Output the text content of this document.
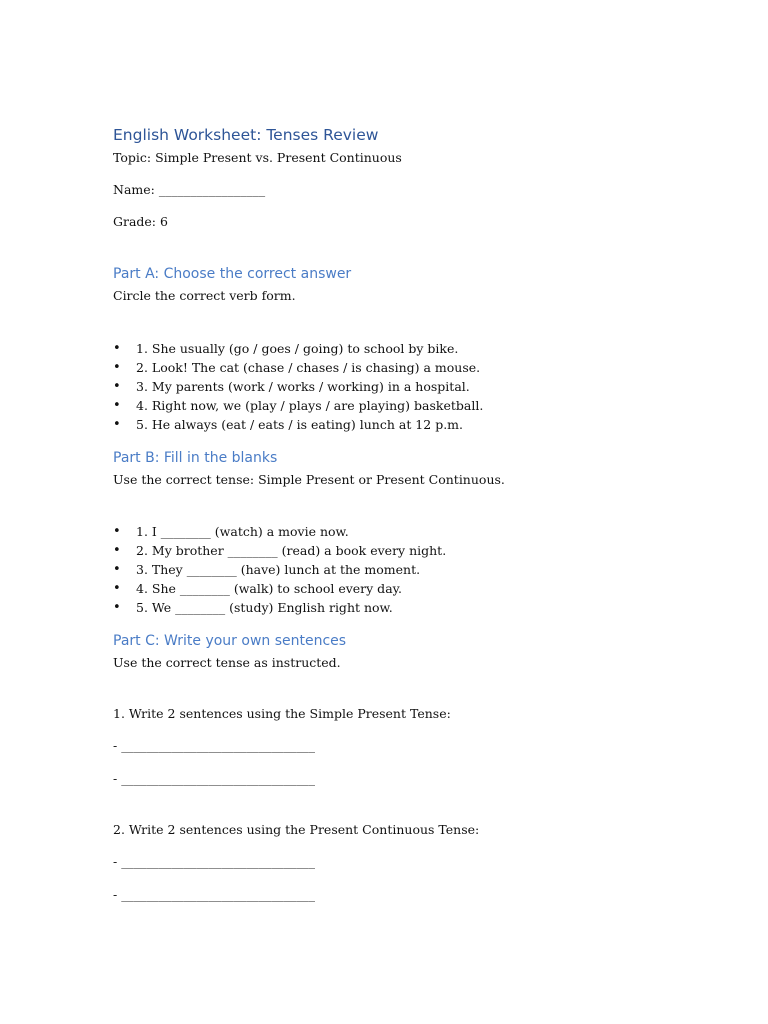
English Worksheet: Tenses Review
Topic: Simple Present vs. Present Continuous
Name: _________________
Grade: 6
Part A: Choose the correct answer
Circle the correct verb form.
• 1. She usually (go / goes / going) to school by bike.
• 2. Look! The cat (chase / chases / is chasing) a mouse.
• 3. My parents (work / works / working) in a hospital.
• 4. Right now, we (play / plays / are playing) basketball.
• 5. He always (eat / eats / is eating) lunch at 12 p.m.
Part B: Fill in the blanks
Use the correct tense: Simple Present or Present Continuous.
• 1. I ________ (watch) a movie now.
• 2. My brother ________ (read) a book every night.
• 3. They ________ (have) lunch at the moment.
• 4. She ________ (walk) to school every day.
• 5. We ________ (study) English right now.
Part C: Write your own sentences
Use the correct tense as instructed.
1. Write 2 sentences using the Simple Present Tense:
- _______________________________
- _______________________________
2. Write 2 sentences using the Present Continuous Tense:
- _______________________________
- _______________________________
